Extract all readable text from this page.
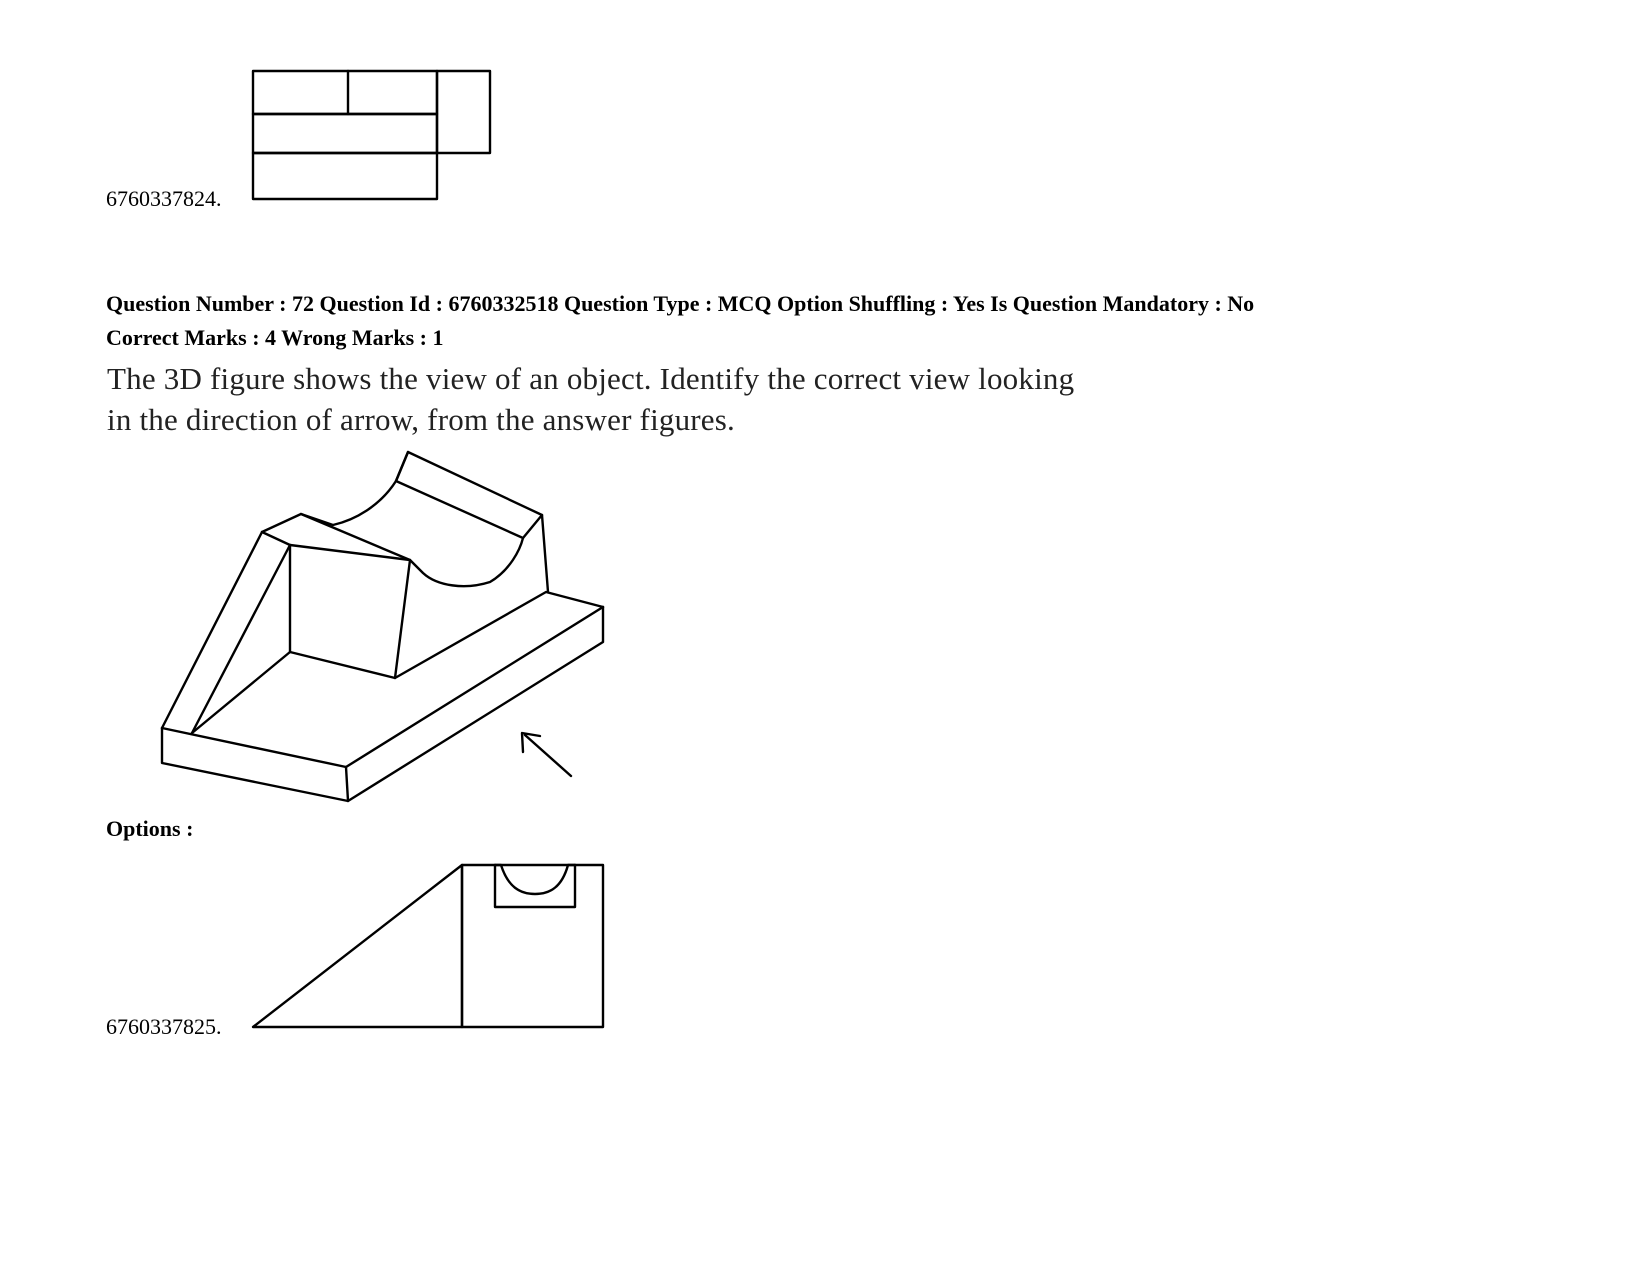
6760337824.
Question Number : 72 Question Id : 6760332518 Question Type : MCQ Option Shuffling : Yes Is Question Mandatory : No
Correct Marks : 4 Wrong Marks : 1
The 3D figure shows the view of an object. Identify the correct view looking
in the direction of arrow, from the answer figures.
Options :
6760337825.
